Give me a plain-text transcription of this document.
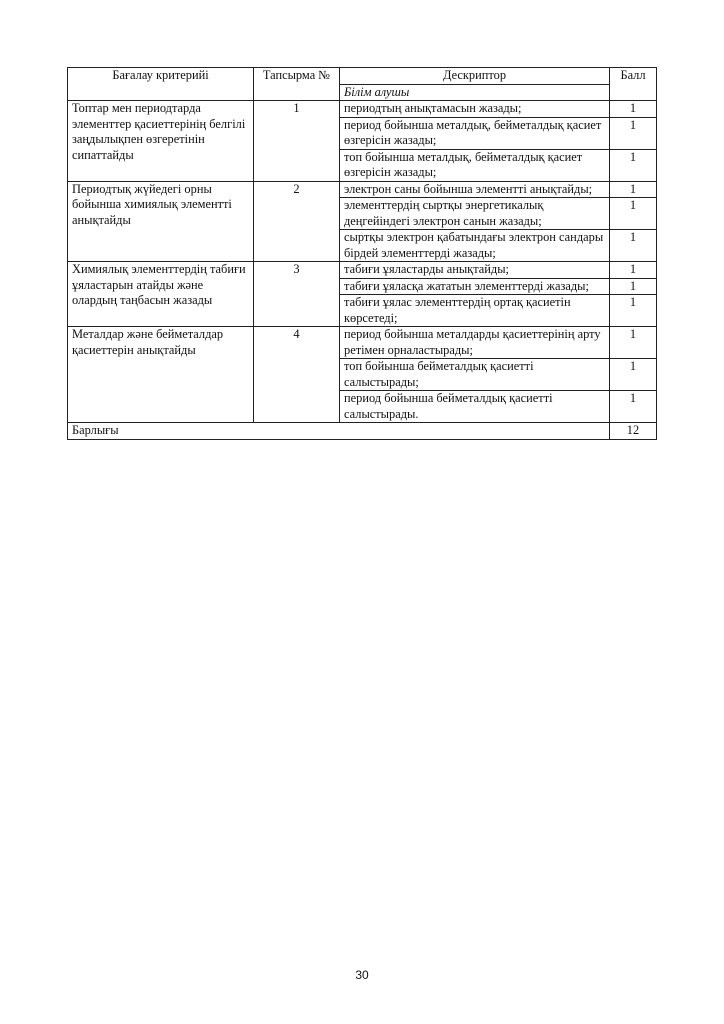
Бағалау критерийі	Тапсырма №	Дескриптор	Балл
		Білім алушы	
Топтар мен периодтарда элементтер қасиеттерінің белгілі заңдылықпен өзгеретінін сипаттайды	1	периодтың анықтамасын жазады;	1
		период бойынша металдық, бейметалдық қасиет өзгерісін жазады;	1
		топ бойынша металдық, бейметалдық қасиет өзгерісін жазады;	1
Периодтық жүйедегі орны бойынша химиялық элементті анықтайды	2	электрон саны бойынша элементті анықтайды;	1
		элементтердің сыртқы энергетикалық деңгейіндегі электрон санын жазады;	1
		сыртқы электрон қабатындағы электрон сандары бірдей элементтерді жазады;	1
Химиялық элементтердің табиғи ұяластарын атайды және олардың таңбасын жазады	3	табиғи ұяластарды анықтайды;	1
		табиғи ұяласқа жататын элементтерді жазады;	1
		табиғи ұялас элементтердің ортақ қасиетін көрсетеді;	1
Металдар және бейметалдар қасиеттерін анықтайды	4	период бойынша металдарды қасиеттерінің арту ретімен орналастырады;	1
		топ бойынша бейметалдық қасиетті салыстырады;	1
		период бойынша бейметалдық қасиетті салыстырады.	1
Барлығы			12
30
